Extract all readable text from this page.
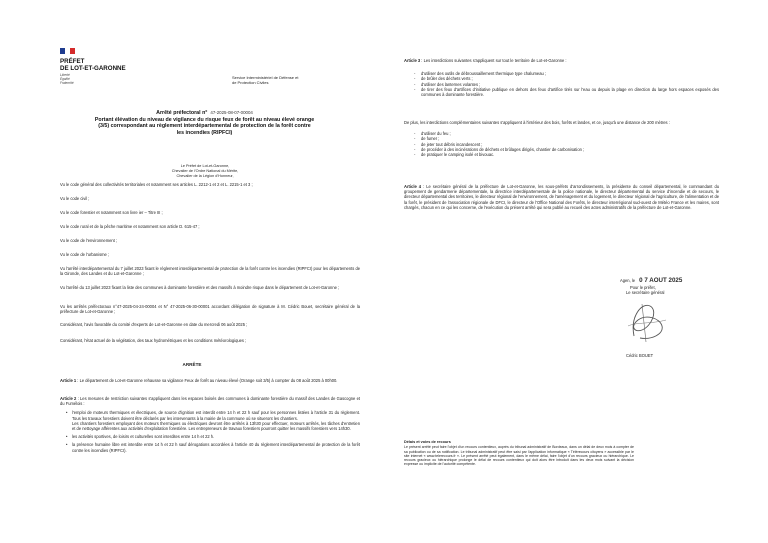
PRÉFET
DE LOT-ET-GARONNE
Liberté
Égalité
Fraternité
Service Interministériel de Défense et
de Protection Civiles
Arrêté préfectoral n° 47-2025-08-07-00004
Portant élévation du niveau de vigilance du risque feux de forêt au niveau élevé orange
(3/5) correspondant au règlement interdépartemental de protection de la forêt contre
les incendies (RIPFCI)
Le Préfet de Lot-et-Garonne,
Chevalier de l'Ordre National du Mérite,
Chevalier de la Légion d'Honneur,
Vu le code général des collectivités territoriales et notamment ses articles L. 2212-1 et 2 et L. 2215-1 et 3 ;
Vu le code civil ;
Vu le code forestier et notamment son livre ier – Titre III ;
Vu le code rural et de la pêche maritime et notamment son article D. 615-47 ;
Vu le code de l'environnement ;
Vu le code de l'urbanisme ;
Vu l'arrêté interdépartemental du 7 juillet 2023 fixant le règlement interdépartemental de protection de la forêt contre les incendies (RIPFCI) pour les départements de la Gironde, des Landes et du Lot-et-Garonne ;
Vu l'arrêté du 13 juillet 2023 fixant la liste des communes à dominante forestière et des massifs à moindre risque dans le département de Lot-et-Garonne ;
Vu les arrêtés préfectoraux n°47-2025-04-24-00004 et N° 47-2025-06-30-00001 accordant délégation de signature à M. Cédric Bouet, secrétaire général de la préfecture de Lot-et-Garonne ;
Considérant, l'avis favorable du comité d'experts de Lot-et-Garonne en date du mercredi 06 août 2025 ;
Considérant, l'état actuel de la végétation, des taux hydrométriques et les conditions météorologiques ;
ARRÊTE
Article 1 : Le département de Lot-et-Garonne rehausse sa vigilance Feux de forêt au niveau élevé (Orange soit 3/5) à compter du 08 août 2025 à 00h00.
Article 2 : Les mesures de restriction suivantes s'appliquent dans les espaces boisés des communes à dominante forestière du massif des Landes de Gascogne et du Fumélois :
• l'emploi de moteurs thermiques et électriques, de source d'ignition est interdit entre 14 h et 22 h sauf pour les personnes listées à l'article 31 du règlement. Tous les travaux forestiers doivent être déclarés par les intervenants à la mairie de la commune où se situeront les chantiers.
Les chantiers forestiers employant des moteurs thermiques ou électriques devront être arrêtés à 13h30 pour effectuer, moteurs arrêtés, les tâches d'entretien et de nettoyage afférentes aux activités d'exploitation forestière. Les entrepreneurs de travaux forestiers pourront quitter les massifs forestiers vers 14h30.
• les activités sportives, de loisirs et culturelles sont interdites entre 14 h et 22 h.
• la présence humaine libre est interdite entre 14 h et 22 h sauf dérogations accordées à l'article 40 du règlement interdépartemental de protection de la forêt contre les incendies (RIPFCI).
Article 3 : Les interdictions suivantes s'appliquent sur tout le territoire de Lot-et-Garonne :
- d'utiliser des outils de débroussaillement thermique type chalumeau ;
- de brûler des déchets verts ;
- d'utiliser des lanternes volantes ;
- de tirer des feux d'artifices d'initiative publique en dehors des feux d'artifice tirés sur l'eau ou depuis la plage en direction du large hors espaces exposés des communes à dominante forestière.
De plus, les interdictions complémentaires suivantes s'appliquent à l'intérieur des bois, forêts et landes, et ce, jusqu'à une distance de 200 mètres :
- d'utiliser du feu ;
- de fumer ;
- de jeter tout débris incandescent ;
- de procéder à des incinérations de déchets et brûlages dirigés, chantier de carbonisation ;
- de pratiquer le camping isolé et bivouac.
Article 4 : Le secrétaire général de la préfecture de Lot-et-Garonne, les sous-préfets d'arrondissements, la présidente du conseil départemental, le commandant du groupement de gendarmerie départementale, la directrice interdépartementale de la police nationale, le directeur départemental du service d'incendie et de secours, le directeur départemental des territoires, le directeur régional de l'environnement, de l'aménagement et du logement, le directeur régional de l'agriculture, de l'alimentation et de la forêt, le président de l'association régionale de DFCI, le directeur de l'Office National des Forêts, le directeur interrégional sud-ouest de Météo France et les maires, sont chargés, chacun en ce qui les concerne, de l'exécution du présent arrêté qui sera publié au recueil des actes administratifs de la préfecture de Lot-et-Garonne.
Agen, le 0 7 AOUT 2025
Pour le préfet,
Le secrétaire général
Cédric BOUET
Délais et voies de recours
Le présent arrêté peut faire l'objet d'un recours contentieux, auprès du tribunal administratif de Bordeaux, dans un délai de deux mois à compter de sa publication ou de sa notification. Le tribunal administratif peut être saisi par l'application informatique « Télérecours citoyens » accessible par le site internet « www.telerecours.fr ». Le présent arrêté peut également, dans le même délai, faire l'objet d'un recours gracieux ou hiérarchique. Le recours gracieux ou hiérarchique prolonge le délai de recours contentieux qui doit alors être introduit dans les deux mois suivant la décision expresse ou implicite de l'autorité compétente.
